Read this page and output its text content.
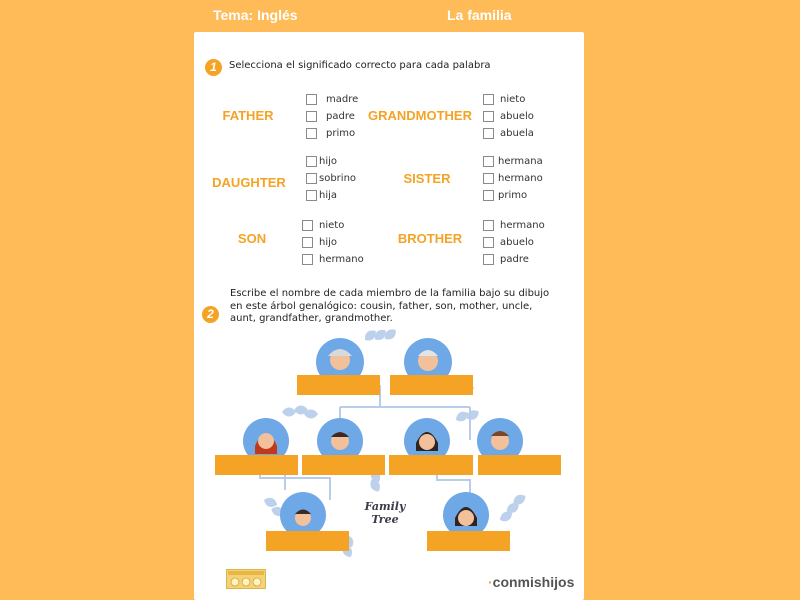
Tema: Inglés	La familia
1	Selecciona el significado correcto para cada palabra
FATHER
madre
padre
primo
GRANDMOTHER
nieto
abuelo
abuela
DAUGHTER
hijo
sobrino
hija
SISTER
hermana
hermano
primo
SON
nieto
hijo
hermano
BROTHER
hermano
abuelo
padre
2
Escribe el nombre de cada miembro de la familia bajo su dibujo
en este árbol genalógico: cousin, father, son, mother, uncle,
aunt, grandfather, grandmother.
Family
Tree
·conmishijos
